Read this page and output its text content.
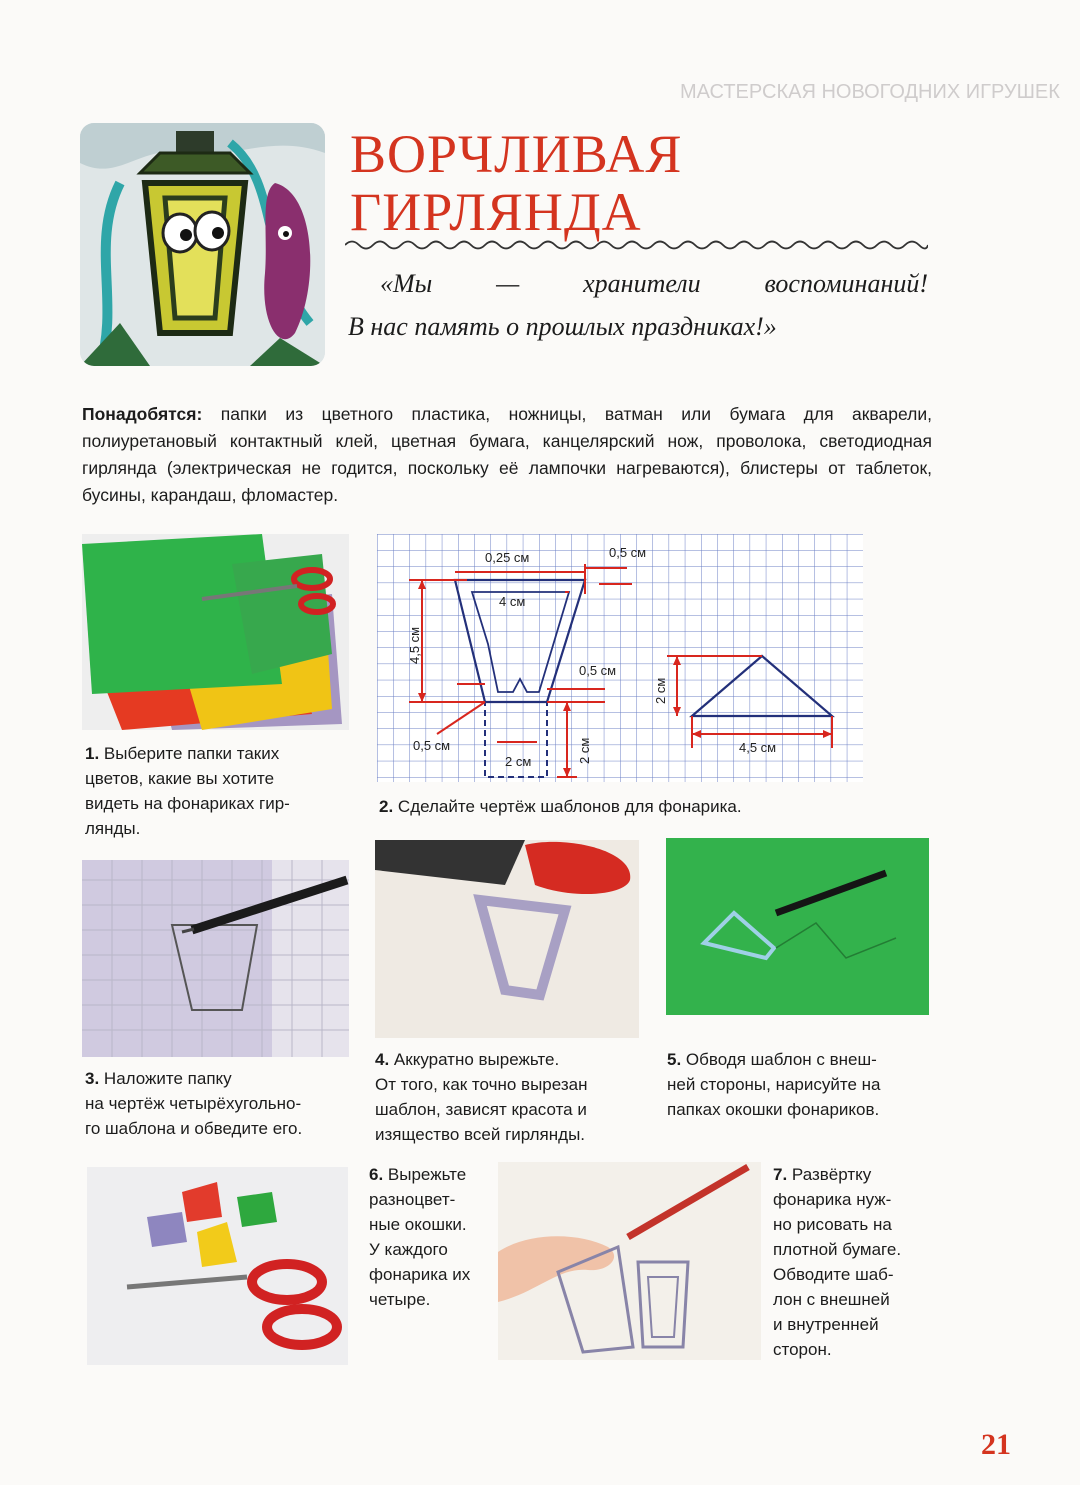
МАСТЕРСКАЯ НОВОГОДНИХ ИГРУШЕК
ВОРЧЛИВАЯ
ГИРЛЯНДА
«Мы — хранители воспоминаний!
В нас память о прошлых праздниках!»
Понадобятся: папки из цветного пластика, ножницы, ватман или бумага для акварели, полиуретановый контактный клей, цветная бумага, канцелярский нож, проволока, светодиодная гирлянда (электрическая не годится, поскольку её лампочки нагреваются), блистеры от таблеток, бусины, карандаш, фломастер.
0,25 см	0,5 см
4 см
4,5 см
0,5 см
0,5 см
2 см	2 см
2 см
4,5 см
1. Выберите папки таких
цветов, какие вы хотите
видеть на фонариках гир-
лянды.
2. Сделайте чертёж шаблонов для фонарика.
3. Наложите папку
на чертёж четырёхугольно-
го шаблона и обведите его.
4. Аккуратно вырежьте.
От того, как точно вырезан
шаблон, зависят красота и
изящество всей гирлянды.
5. Обводя шаблон с внеш-
ней стороны, нарисуйте на
папках окошки фонариков.
6. Вырежьте
разноцвет-
ные окошки.
У каждого
фонарика их
четыре.
7. Развёртку
фонарика нуж-
но рисовать на
плотной бумаге.
Обводите шаб-
лон с внешней
и внутренней
сторон.
21
